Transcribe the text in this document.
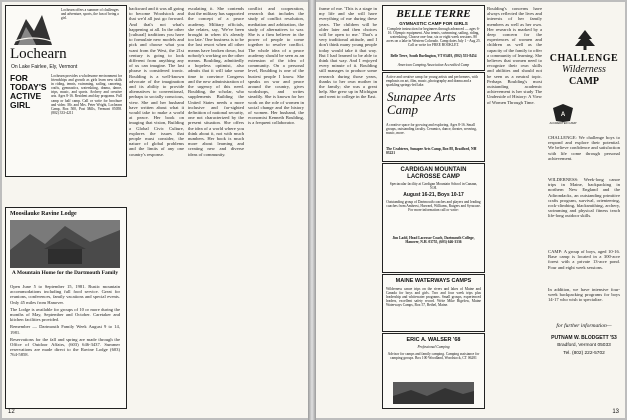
Lochearn offers a summer of challenges and adventure, sports, the fun of being a girl.
Lochearn
On Lake Fairlee, Ely, Vermont
FOR
TODAY'S
ACTIVE
GIRL
Lochearn provides a wholesome environment for friendships and growth as girls learn new skills in riding, tennis, swimming, sailing, canoeing, crafts, gymnastics, waterskiing, drama, dance, trips, music, and sports. Archery and creative arts. Ages 8-16. Resident and day programs. Full camp or half camp. Call or write for brochure and video. Mr. and Mrs. Peter Wright, Lochearn Camp, Box 500, Post Mills, Vermont 05058. (802) 333-4211
Moosilauke Ravine Lodge
A Mountain Home for the Dartmouth Family

Open June 5 to September 15, 1981. Rustic mountain accommodations including full food service. Great for reunions, conferences, family vacations and special events. Only 45 miles from Hanover.

The Lodge is available for groups of 10 or more during the months of May, September and October. Caretaker and kitchen facilities provided.

Remember — Dartmouth Family Week August 9 to 14, 1981.

Reservations for the fall and spring are made through the Office of Outdoor Affairs, (603) 646-3437. Summer reservations are made direct to the Ravine Lodge (603) 764-5858.

backward and it was all going to become Woodstock and that we'd all just go forward. And that's not what's happening at all. In the other [cultural] traditions you have to formulate new models and pick and choose what you want from the West, the 21st century is going to look different from anything any of us can imagine. The last phrase is considered ironic. Boulding is a well-known advocate of the imagination and its ability to provide alternatives to conventional, perhaps to socially conscious, view. She and her husband have written about what it would take to make a world at peace. Her book on imaging that vision, Building a Global Civic Culture, explores the issues that people must consider, the nature of global problems and the limits of any one country's response.
escalating it. She contends that the military has supported the concept of a peace academy. Military officials, she relates, say, 'We've been brought in when it's already too late.' One business is to be the last resort when all other means have broken down, but nobody's working on the other means. Boulding, admittedly a hopeless optimist, also admits that it will take some time to convince Congress and the new administration of the urgency of this need. Boulding, the scholar, who supplements Building the United States needs a more inclusive and far-sighted definition of national security, one not characterized by the present situation. She offers the idea of a world where you think about it, not with much numbers. Her book is much more about learning and creating new and diverse ideas of community.
conflict and cooperation, research that includes the study of conflict resolution, mediation and arbitration, the study of alternatives to war. She is a firm believer in the power of people to come together to resolve conflict. The whole idea of a peace academy should be seen as an extension of the idea of community. On a personal level, Boulding is one of the busiest people I know. She speaks on war and peace around the country, gives workshops, and writes steadily. She is known for her work on the role of women in social change and the history of women. Her husband, the economist Kenneth Boulding, is a frequent collaborator.
12
frame of me. 'This is a stage in my life and she will have everything of me during these years. The children will be older later and then choices will be open to me.' That's a very traditional attitude, and I don't think many young people today would take it that way. But I had learned to be able to think that way. And I enjoyed every minute of it. Boulding still manages to produce some research during those years, thanks to her own mother in the family; she was a great help. She grew up in Michigan and went to college in the East.
BELLE TERRE
GYMNASTIC CAMP FOR GIRLS
Complete instruction for beginners through advanced — ages 6-16. Olympic equipment. Also tennis, swimming, sailing, riding, waterskiing. Choose one-four, six or eight week sessions. 80 acres on a lake in Western Colorado. Camp dates July 1 - Aug 25. Call or write for FREE BOOKLET.
Belle Terre, South Burlington, VT 05403, (802) 555-8454
American Camping Association Accredited Camp
Active and creative camp for young artists and performers, with emphasis on art, film, music, photography and drama and a sparkling springs-fed lake.
Sunapee Arts Camp
A creative space for growing and exploring. Ages 8-16. Small groups, outstanding faculty. Ceramics, dance, theater, weaving, music, more.
The Crabtrees, Sunapee Arts Camp, Box 88, Bradford, NH 03221
CARDIGAN MOUNTAIN LACROSSE CAMP
Spectacular facility at Cardigan Mountain School in Canaan, N.H.
August 16-21, Boys 10-17
Outstanding group of Dartmouth coaches and players and leading coaches from Amherst, Harvard, Williams, Rutgers and Syracuse. For more information call or write:
Jim Ladd, Head Lacrosse Coach, Dartmouth College, Hanover, N.H. 03755, (603) 646-3336
MAINE WATERWAYS CAMPS
Wilderness canoe trips on the rivers and lakes of Maine and Canada for boys and girls. Two and four week trips plus leadership and whitewater programs. Small groups, experienced leaders, excellent safety record. Write Mike Bigelow, Maine Waterways Camps, Box 57, Bethel, Maine.
ERIC A. WALSER '68
Professional Camping
Advisor for camps and family camping. Camping assistance for camping groups. Box 100 Woodland, Woodstock, CT 06281
Boulding's concerns have always reflected the lives and interests of her family members as well as her own. Her research is marked by a deep concern for the experiences of women and children as well as the capacity of the family to offer a community of learning. She believes that women need to recognize their own skills and abilities and should not be seen as a neutral topic. Perhaps Boulding's most outstanding academic achievement is her study The Underside of History: A View of Women Through Time.
CHALLENGE
Wilderness
CAMP
A
ACCREDITED CAMP
CHALLENGE: We challenge boys to respond and explore their potential. We believe confidence and satisfaction with life come through personal achievement.
WILDERNESS: Week-long canoe trips in Maine, backpacking in northern New England and the Adirondacks, an outstanding primitive crafts program, survival, orienteering, rock-climbing, blacksmithing, archery, swimming and physical fitness teach life-long outdoor skills.
CAMP: A group of boys, aged 10-16. Base camp is located in a 300-acre forest with a private 13-acre pond. Four and eight week sessions.
In addition, we have intensive four-week backpacking programs for boys 14-17 who wish to specialize.
for further information—
PUTNAM W. BLODGETT '53
Bradford, Vermont 05033
Tel. (802) 222-5702
13
